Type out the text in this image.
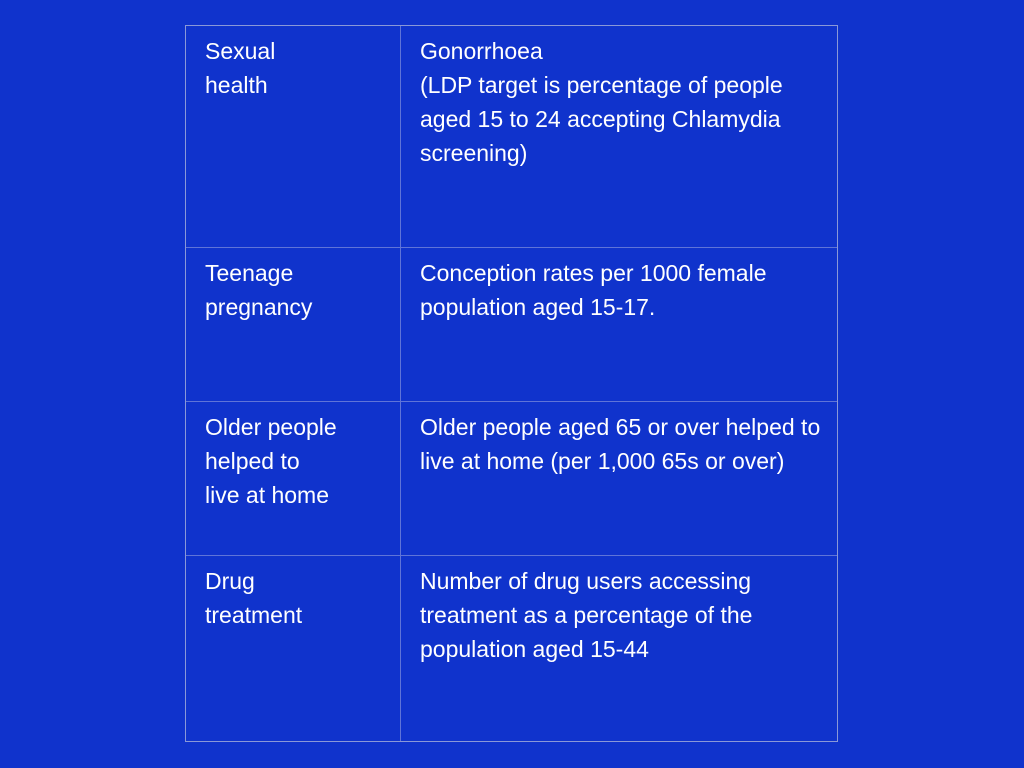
Sexual
health
Gonorrhoea
(LDP target is percentage of people aged 15 to 24 accepting Chlamydia screening)
Teenage
pregnancy
Conception rates per 1000 female population aged 15-17.
Older people
helped to
live at home
Older people aged 65 or over helped to live at home (per 1,000 65s or over)
Drug
treatment
Number of drug users accessing treatment as a percentage of the population aged 15-44
